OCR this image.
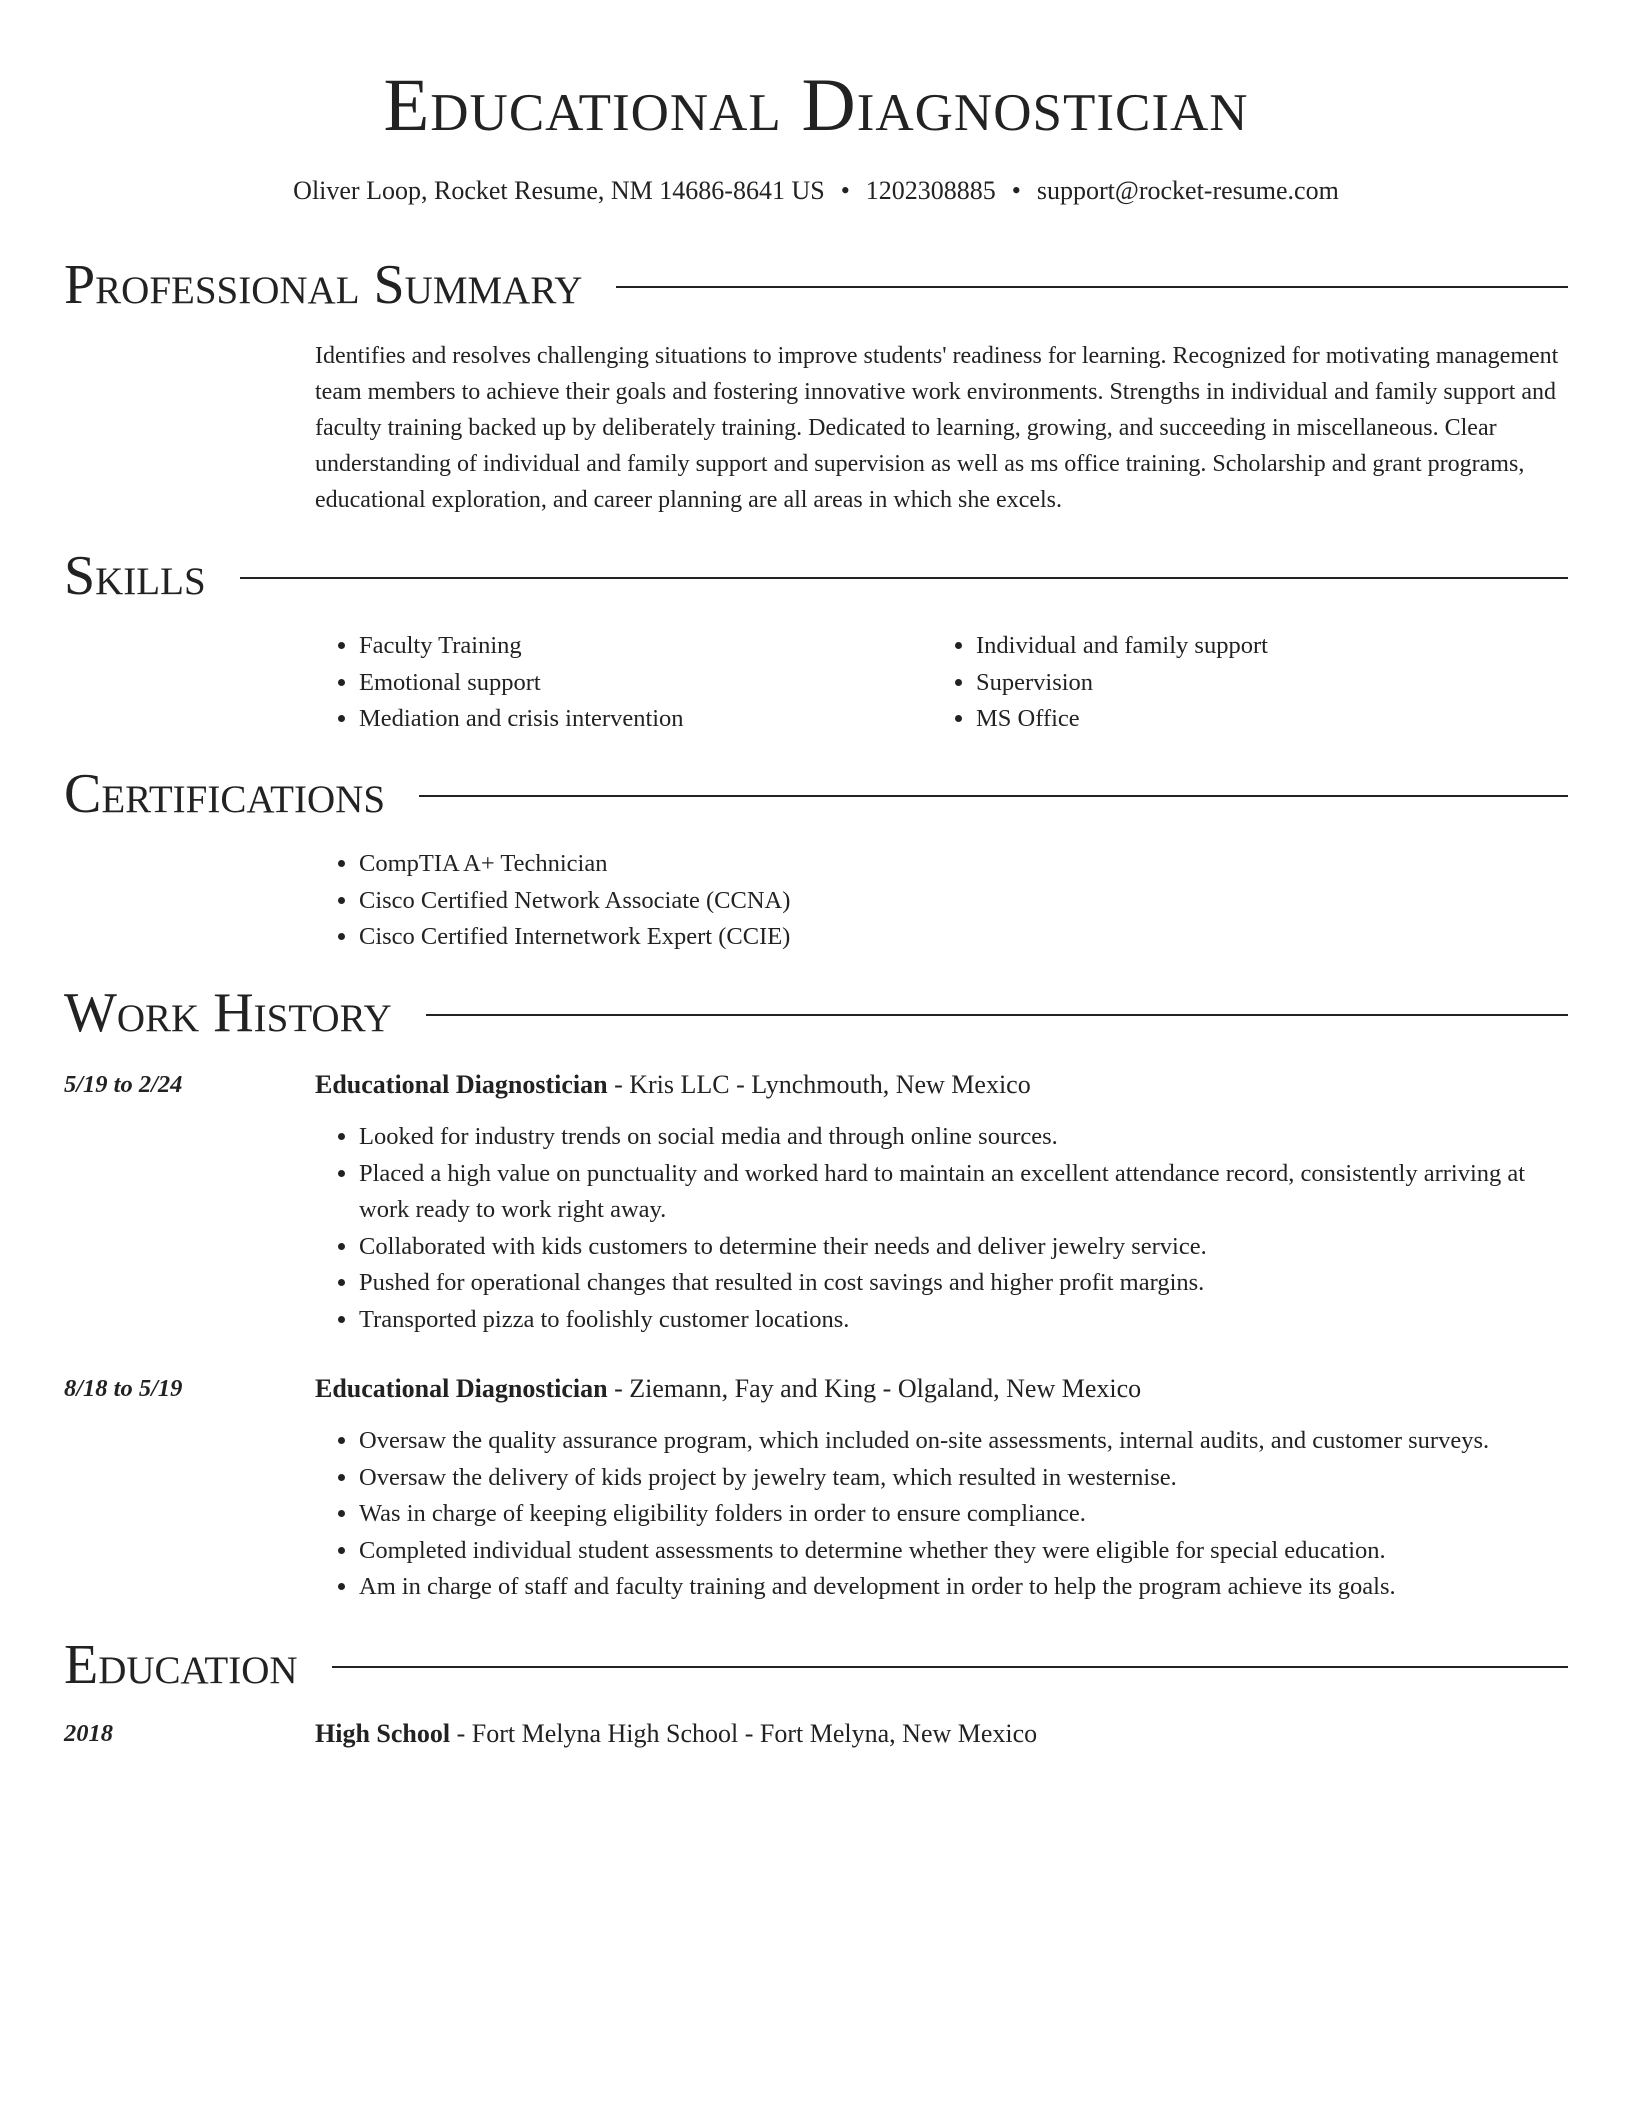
Educational Diagnostician
Oliver Loop, Rocket Resume, NM 14686-8641 US • 1202308885 • support@rocket-resume.com
Professional Summary

Identifies and resolves challenging situations to improve students' readiness for learning. Recognized for motivating management team members to achieve their goals and fostering innovative work environments. Strengths in individual and family support and faculty training backed up by deliberately training. Dedicated to learning, growing, and succeeding in miscellaneous. Clear understanding of individual and family support and supervision as well as ms office training. Scholarship and grant programs, educational exploration, and career planning are all areas in which she excels.

Skills
• Faculty Training
• Emotional support
• Mediation and crisis intervention
• Individual and family support
• Supervision
• MS Office
Certifications
• CompTIA A+ Technician
• Cisco Certified Network Associate (CCNA)
• Cisco Certified Internetwork Expert (CCIE)
Work History
5/19 to 2/24	Educational Diagnostician - Kris LLC - Lynchmouth, New Mexico
• Looked for industry trends on social media and through online sources.
• Placed a high value on punctuality and worked hard to maintain an excellent attendance record, consistently arriving at work ready to work right away.
• Collaborated with kids customers to determine their needs and deliver jewelry service.
• Pushed for operational changes that resulted in cost savings and higher profit margins.
• Transported pizza to foolishly customer locations.
8/18 to 5/19	Educational Diagnostician - Ziemann, Fay and King - Olgaland, New Mexico
• Oversaw the quality assurance program, which included on-site assessments, internal audits, and customer surveys.
• Oversaw the delivery of kids project by jewelry team, which resulted in westernise.
• Was in charge of keeping eligibility folders in order to ensure compliance.
• Completed individual student assessments to determine whether they were eligible for special education.
• Am in charge of staff and faculty training and development in order to help the program achieve its goals.
Education
2018	High School - Fort Melyna High School - Fort Melyna, New Mexico
